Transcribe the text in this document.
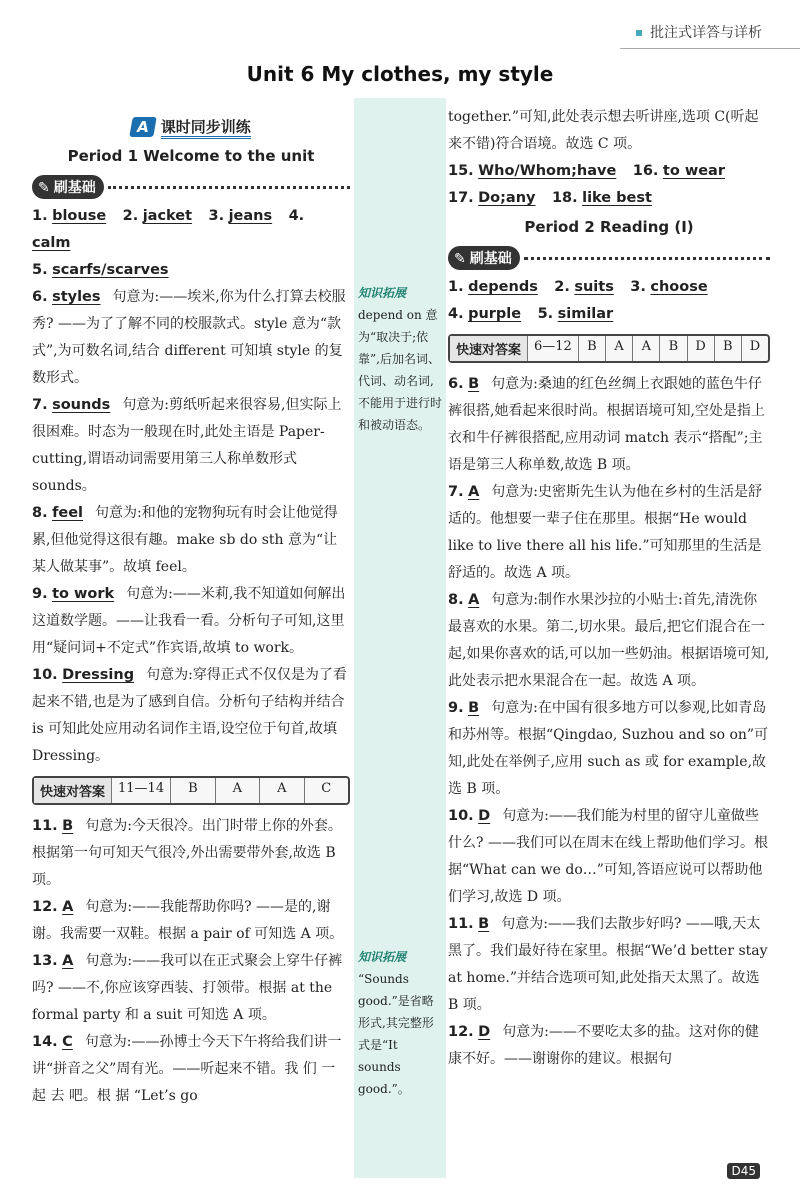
批注式详答与详析
Unit 6 My clothes, my style
A 课时同步训练
Period 1 Welcome to the unit
✎ 刷基础

1. blouse 2. jacket 3. jeans 4. calm

5. scarfs/scarves

6. styles 句意为:——埃米,你为什么打算去校服秀? ——为了了解不同的校服款式。style 意为“款式”,为可数名词,结合 different 可知填 style 的复数形式。

7. sounds 句意为:剪纸听起来很容易,但实际上很困难。时态为一般现在时,此处主语是 Paper-cutting,谓语动词需要用第三人称单数形式 sounds。

8. feel 句意为:和他的宠物狗玩有时会让他觉得累,但他觉得这很有趣。make sb do sth 意为“让某人做某事”。故填 feel。

9. to work 句意为:——米莉,我不知道如何解出这道数学题。——让我看一看。分析句子可知,这里用“疑问词+不定式”作宾语,故填 to work。

10. Dressing 句意为:穿得正式不仅仅是为了看起来不错,也是为了感到自信。分析句子结构并结合 is 可知此处应用动名词作主语,设空位于句首,故填 Dressing。

快速对答案	11—14	B	A	A	C

11. B 句意为:今天很冷。出门时带上你的外套。根据第一句可知天气很冷,外出需要带外套,故选 B 项。

12. A 句意为:——我能帮助你吗? ——是的,谢谢。我需要一双鞋。根据 a pair of 可知选 A 项。

13. A 句意为:——我可以在正式聚会上穿牛仔裤吗? ——不,你应该穿西装、打领带。根据 at the formal party 和 a suit 可知选 A 项。

14. C 句意为:——孙博士今天下午将给我们讲一讲“拼音之父”周有光。——听起来不错。我 们 一 起 去 吧。根 据 “Let’s go

知识拓展
depend on 意为“取决于;依靠”,后加名词、代词、动名词,不能用于进行时和被动语态。
知识拓展
“Sounds good.”是省略形式,其完整形式是“It sounds good.”。

together.”可知,此处表示想去听讲座,选项 C(听起来不错)符合语境。故选 C 项。

15. Who/Whom;have 16. to wear

17. Do;any 18. like best

Period 2 Reading (Ⅰ)
✎ 刷基础

1. depends 2. suits 3. choose

4. purple 5. similar

快速对答案	6—12	B	A	A	B	D	B	D

6. B 句意为:桑迪的红色丝绸上衣跟她的蓝色牛仔裤很搭,她看起来很时尚。根据语境可知,空处是指上衣和牛仔裤很搭配,应用动词 match 表示“搭配”;主语是第三人称单数,故选 B 项。

7. A 句意为:史密斯先生认为他在乡村的生活是舒适的。他想要一辈子住在那里。根据“He would like to live there all his life.”可知那里的生活是舒适的。故选 A 项。

8. A 句意为:制作水果沙拉的小贴士:首先,清洗你最喜欢的水果。第二,切水果。最后,把它们混合在一起,如果你喜欢的话,可以加一些奶油。根据语境可知,此处表示把水果混合在一起。故选 A 项。

9. B 句意为:在中国有很多地方可以参观,比如青岛和苏州等。根据“Qingdao, Suzhou and so on”可知,此处在举例子,应用 such as 或 for example,故选 B 项。

10. D 句意为:——我们能为村里的留守儿童做些什么? ——我们可以在周末在线上帮助他们学习。根据“What can we do…”可知,答语应说可以帮助他们学习,故选 D 项。

11. B 句意为:——我们去散步好吗? ——哦,天太黑了。我们最好待在家里。根据“We’d better stay at home.”并结合选项可知,此处指天太黑了。故选 B 项。

12. D 句意为:——不要吃太多的盐。这对你的健康不好。——谢谢你的建议。根据句

D45
